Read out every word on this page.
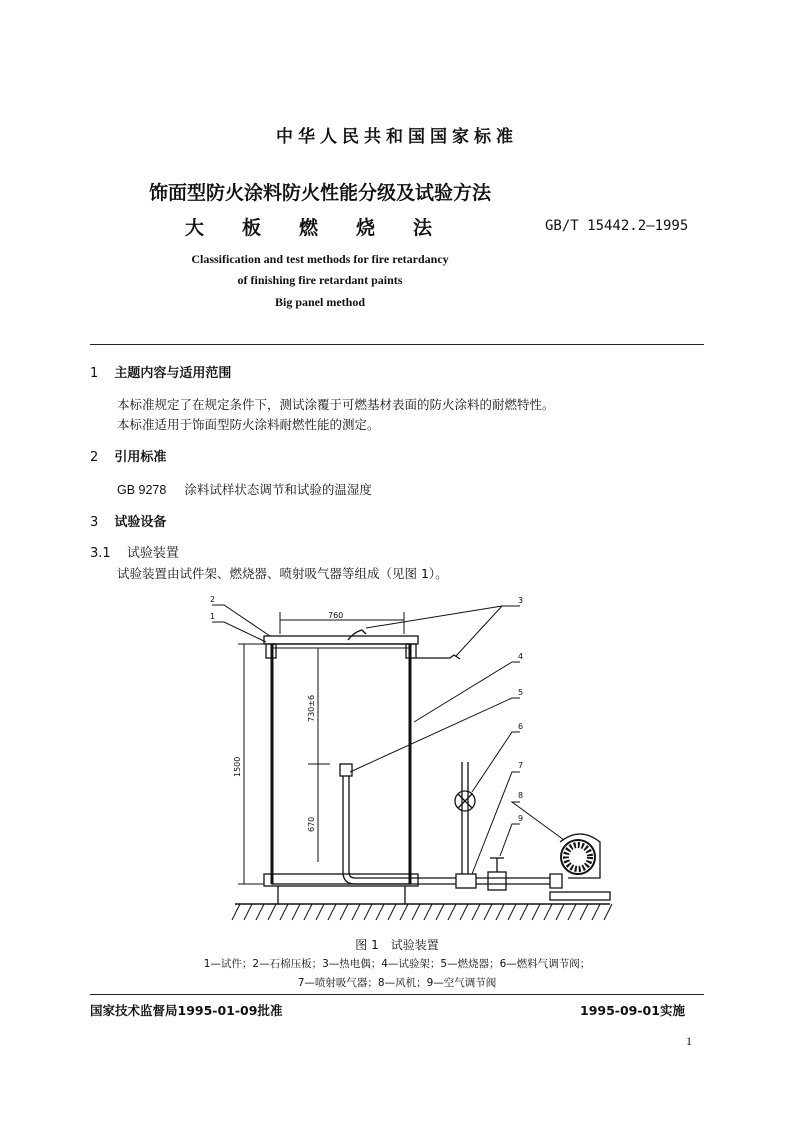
中华人民共和国国家标准
饰面型防火涂料防火性能分级及试验方法
大板燃烧法	GB/T 15442.2—1995
Classification and test methods for fire retardancy
of finishing fire retardant paints
Big panel method
1 主题内容与适用范围
本标准规定了在规定条件下，测试涂覆于可燃基材表面的防火涂料的耐燃特性。
本标准适用于饰面型防火涂料耐燃性能的测定。
2 引用标准
GB 9278 涂料试样状态调节和试验的温湿度
3 试验设备
3.1 试验装置
试验装置由试件架、燃烧器、喷射吸气器等组成（见图 1）。
760
1500
730±6
670
2
1
3
4
5
6
7
8
9
图 1　试验装置
1—试件；2—石棉压板；3—热电偶；4—试验架；5—燃烧器；6—燃料气调节阀；
7—喷射吸气器；8—风机；9—空气调节阀
国家技术监督局1995-01-09批准	1995-09-01实施
1
